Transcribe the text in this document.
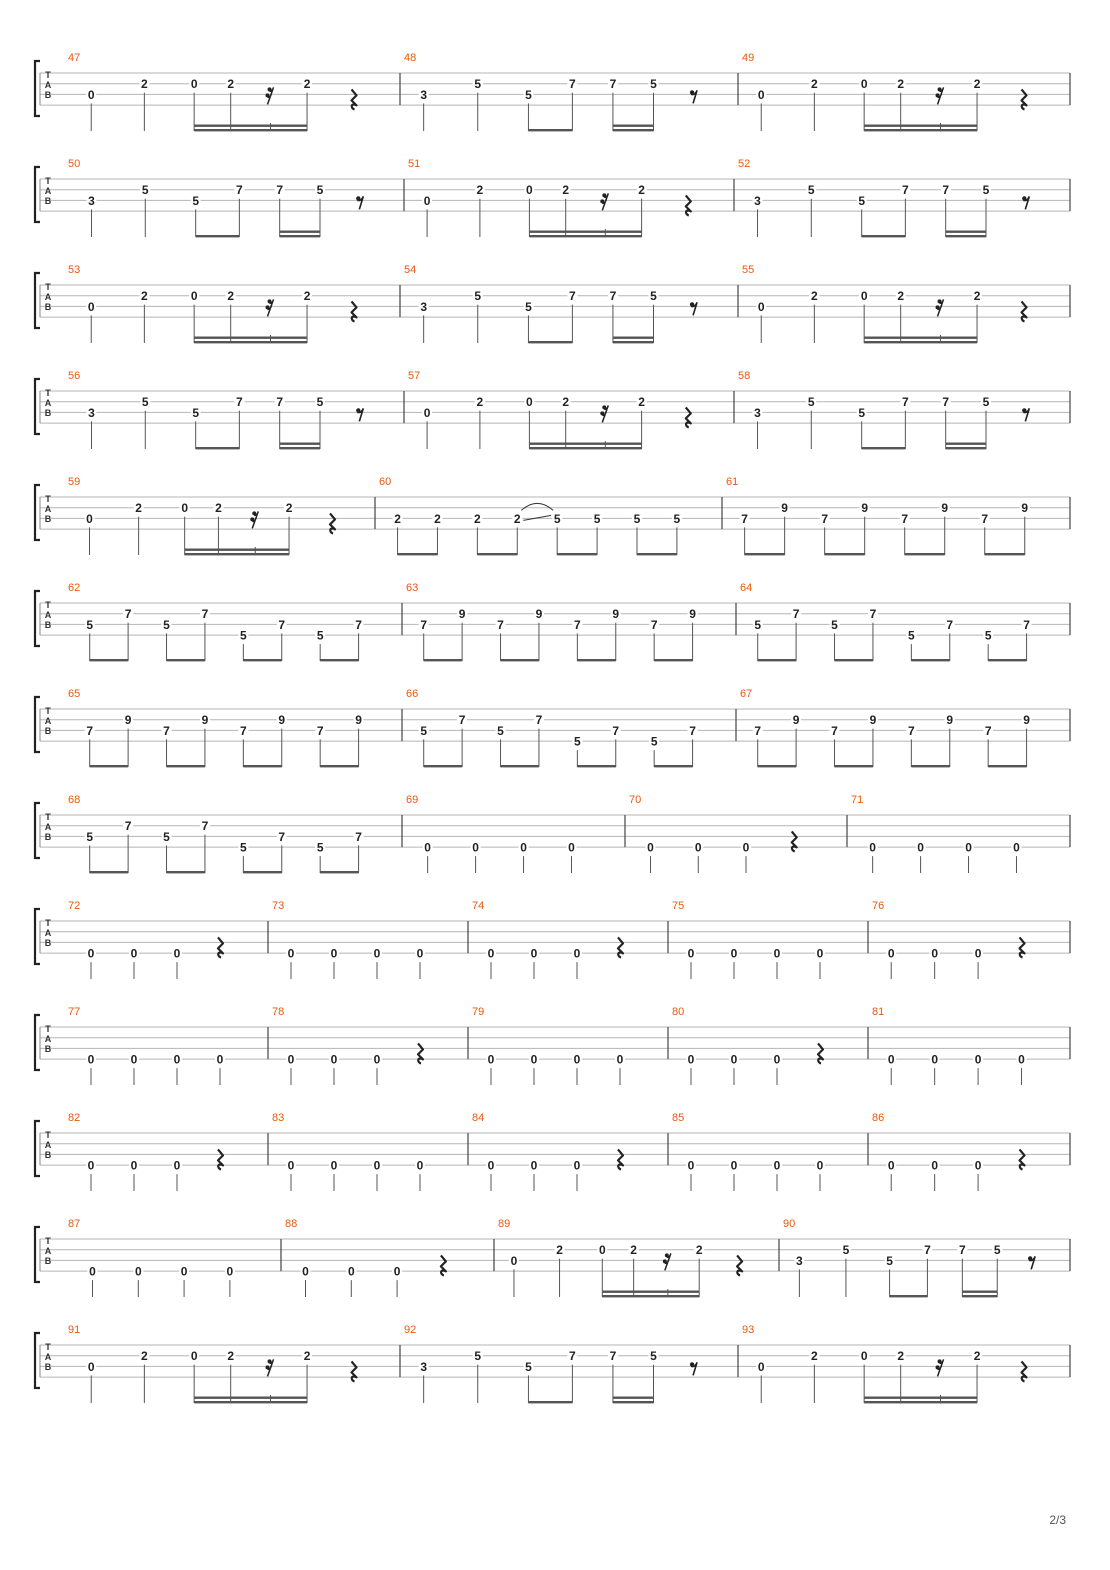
T
A
B
47
0
2	0 2	2
48
3
5
5
7	7	5
49
0
2	0 2	2
T
A
B
50
3
5
5
7	7	5
51
0
2	0 2	2
52
3
5
5
7	7	5
T
A
B
53
0
2	0 2	2
54
3
5
5
7	7	5
55
0
2	0 2	2
T
A
B
56
3
5
5
7	7	5
57
0
2	0 2	2
58
3
5
5
7	7	5
T
A
B
59
0
2	0 2	2
60
2	2	2	2	5	5	5	5
61
7
9
7
9
7
9
7
9
T
A
B
62
5
7
5
7
5
7
5
7
63
7
9
7
9
7
9
7
9
64
5
7
5
7
5
7
5
7
T
A
B
65
7
9
7
9
7
9
7
9
66
5
7
5
7
5
7
5
7
67
7
9
7
9
7
9
7
9
T
A
B
68
5
7
5
7
5
7
5
7
69
0	0	0	0
70
0	0	0
71
0	0	0	0
T
A
B
72
0	0	0
73
0	0	0	0
74
0	0	0
75
0	0	0	0
76
0	0	0
T
A
B
77
0	0	0	0
78
0	0	0
79
0	0	0	0
80
0	0	0
81
0	0	0	0
T
A
B
82
0	0	0
83
0	0	0	0
84
0	0	0
85
0	0	0	0
86
0	0	0
T
A
B
87
0	0	0	0
88
0	0	0
89
0
2	0 2	2
90
3
5
5
7 7 5
T
A
B
91
0
2	0 2	2
92
3
5
5
7	7	5
93
0
2	0 2	2
2/3
